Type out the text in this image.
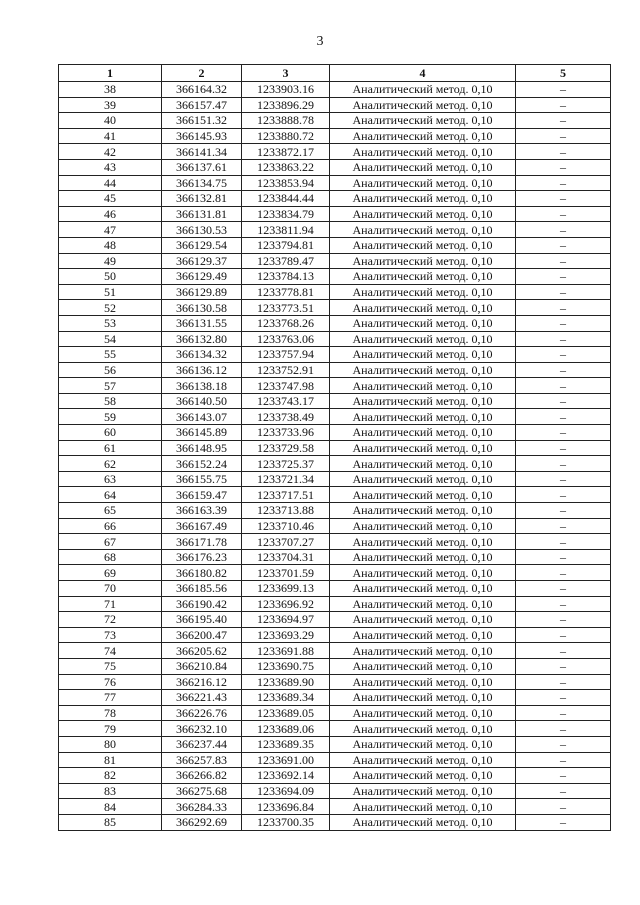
3
1	2	3	4	5
38	366164.32	1233903.16	Аналитический метод. 0,10	–
39	366157.47	1233896.29	Аналитический метод. 0,10	–
40	366151.32	1233888.78	Аналитический метод. 0,10	–
41	366145.93	1233880.72	Аналитический метод. 0,10	–
42	366141.34	1233872.17	Аналитический метод. 0,10	–
43	366137.61	1233863.22	Аналитический метод. 0,10	–
44	366134.75	1233853.94	Аналитический метод. 0,10	–
45	366132.81	1233844.44	Аналитический метод. 0,10	–
46	366131.81	1233834.79	Аналитический метод. 0,10	–
47	366130.53	1233811.94	Аналитический метод. 0,10	–
48	366129.54	1233794.81	Аналитический метод. 0,10	–
49	366129.37	1233789.47	Аналитический метод. 0,10	–
50	366129.49	1233784.13	Аналитический метод. 0,10	–
51	366129.89	1233778.81	Аналитический метод. 0,10	–
52	366130.58	1233773.51	Аналитический метод. 0,10	–
53	366131.55	1233768.26	Аналитический метод. 0,10	–
54	366132.80	1233763.06	Аналитический метод. 0,10	–
55	366134.32	1233757.94	Аналитический метод. 0,10	–
56	366136.12	1233752.91	Аналитический метод. 0,10	–
57	366138.18	1233747.98	Аналитический метод. 0,10	–
58	366140.50	1233743.17	Аналитический метод. 0,10	–
59	366143.07	1233738.49	Аналитический метод. 0,10	–
60	366145.89	1233733.96	Аналитический метод. 0,10	–
61	366148.95	1233729.58	Аналитический метод. 0,10	–
62	366152.24	1233725.37	Аналитический метод. 0,10	–
63	366155.75	1233721.34	Аналитический метод. 0,10	–
64	366159.47	1233717.51	Аналитический метод. 0,10	–
65	366163.39	1233713.88	Аналитический метод. 0,10	–
66	366167.49	1233710.46	Аналитический метод. 0,10	–
67	366171.78	1233707.27	Аналитический метод. 0,10	–
68	366176.23	1233704.31	Аналитический метод. 0,10	–
69	366180.82	1233701.59	Аналитический метод. 0,10	–
70	366185.56	1233699.13	Аналитический метод. 0,10	–
71	366190.42	1233696.92	Аналитический метод. 0,10	–
72	366195.40	1233694.97	Аналитический метод. 0,10	–
73	366200.47	1233693.29	Аналитический метод. 0,10	–
74	366205.62	1233691.88	Аналитический метод. 0,10	–
75	366210.84	1233690.75	Аналитический метод. 0,10	–
76	366216.12	1233689.90	Аналитический метод. 0,10	–
77	366221.43	1233689.34	Аналитический метод. 0,10	–
78	366226.76	1233689.05	Аналитический метод. 0,10	–
79	366232.10	1233689.06	Аналитический метод. 0,10	–
80	366237.44	1233689.35	Аналитический метод. 0,10	–
81	366257.83	1233691.00	Аналитический метод. 0,10	–
82	366266.82	1233692.14	Аналитический метод. 0,10	–
83	366275.68	1233694.09	Аналитический метод. 0,10	–
84	366284.33	1233696.84	Аналитический метод. 0,10	–
85	366292.69	1233700.35	Аналитический метод. 0,10	–
